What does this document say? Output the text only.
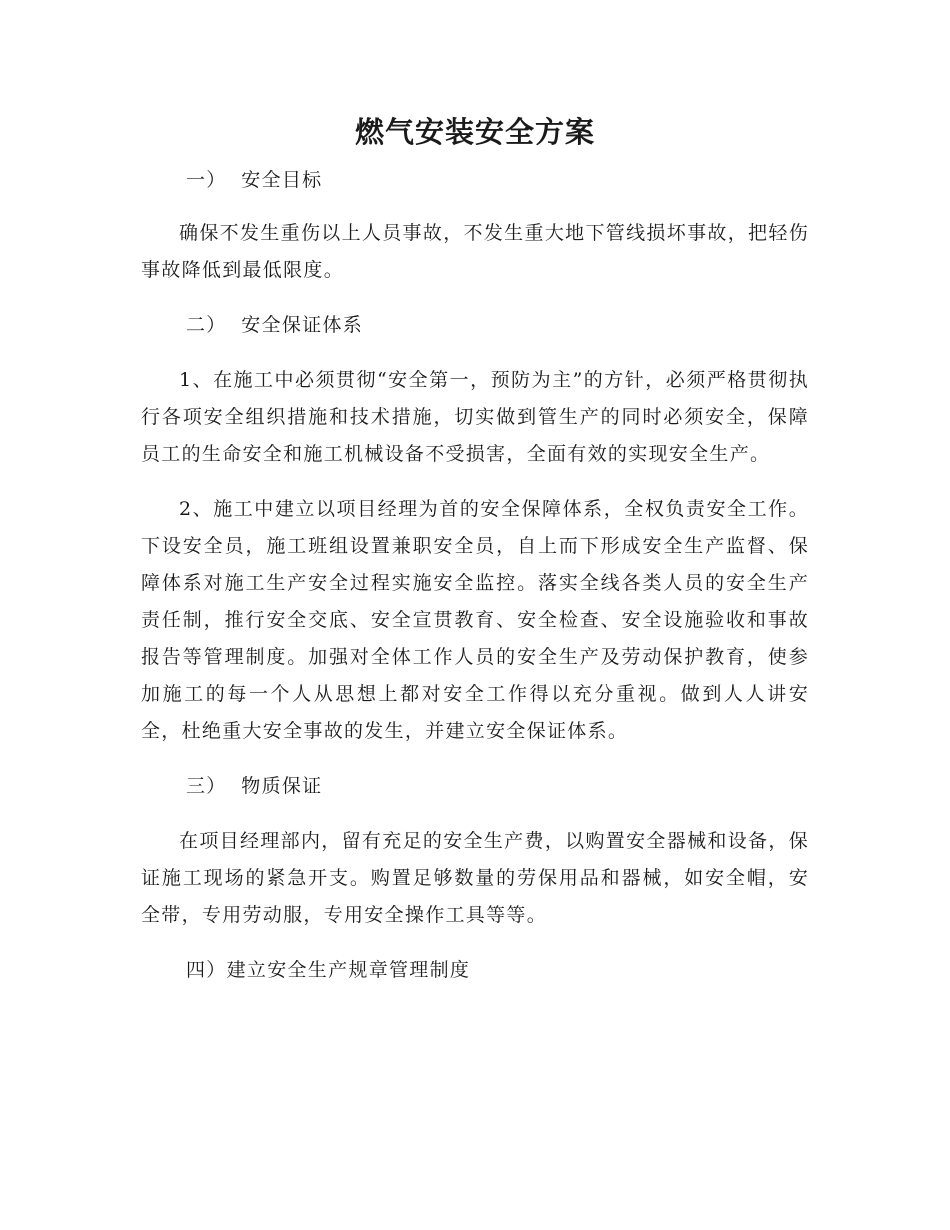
燃气安装安全方案

一）  安全目标

确保不发生重伤以上人员事故，不发生重大地下管线损坏事故，把轻伤事故降低到最低限度。

二）  安全保证体系

1、在施工中必须贯彻“安全第一，预防为主”的方针，必须严格贯彻执行各项安全组织措施和技术措施，切实做到管生产的同时必须安全，保障员工的生命安全和施工机械设备不受损害，全面有效的实现安全生产。

2、施工中建立以项目经理为首的安全保障体系，全权负责安全工作。下设安全员，施工班组设置兼职安全员，自上而下形成安全生产监督、保障体系对施工生产安全过程实施安全监控。落实全线各类人员的安全生产责任制，推行安全交底、安全宣贯教育、安全检查、安全设施验收和事故报告等管理制度。加强对全体工作人员的安全生产及劳动保护教育，使参加施工的每一个人从思想上都对安全工作得以充分重视。做到人人讲安全，杜绝重大安全事故的发生，并建立安全保证体系。

三）  物质保证

在项目经理部内，留有充足的安全生产费，以购置安全器械和设备，保证施工现场的紧急开支。购置足够数量的劳保用品和器械，如安全帽，安全带，专用劳动服，专用安全操作工具等等。

四）建立安全生产规章管理制度
